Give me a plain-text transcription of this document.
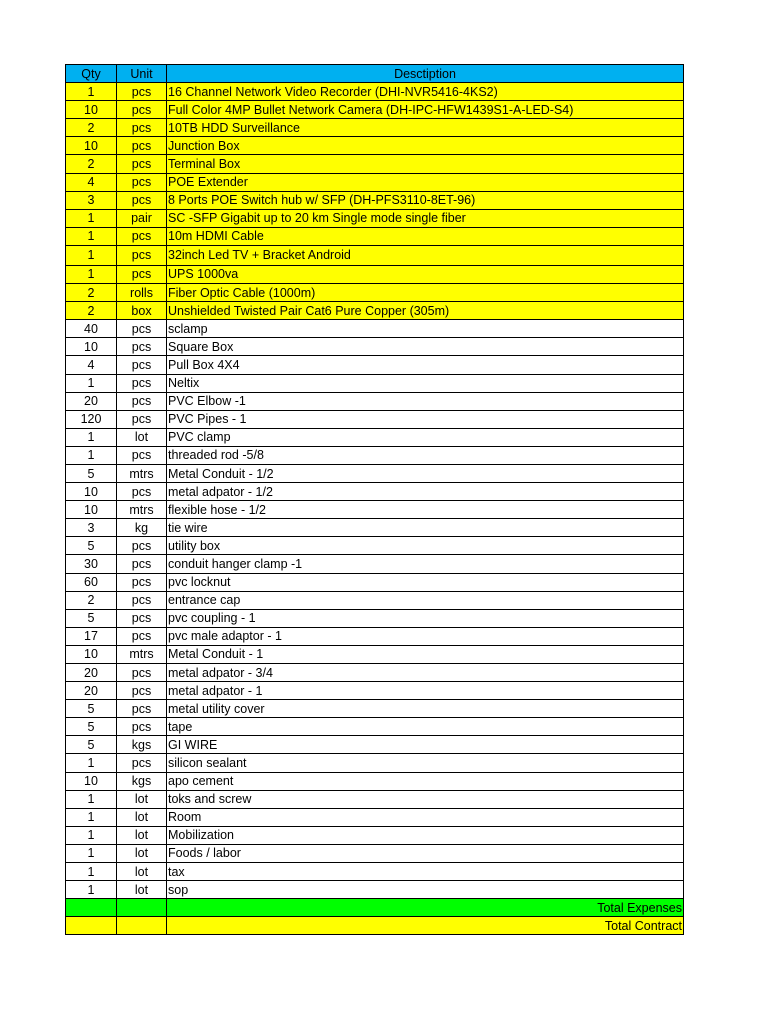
Qty	Unit	Desctiption
1	pcs	16 Channel Network Video Recorder (DHI-NVR5416-4KS2)
10	pcs	Full Color 4MP Bullet Network Camera (DH-IPC-HFW1439S1-A-LED-S4)
2	pcs	10TB HDD Surveillance
10	pcs	Junction Box
2	pcs	Terminal Box
4	pcs	POE Extender
3	pcs	8 Ports POE Switch hub w/ SFP (DH-PFS3110-8ET-96)
1	pair	SC -SFP Gigabit up to 20 km Single mode single fiber
1	pcs	10m HDMI Cable
1	pcs	32inch Led TV + Bracket Android
1	pcs	UPS 1000va
2	rolls	Fiber Optic Cable (1000m)
2	box	Unshielded Twisted Pair Cat6 Pure Copper (305m)
40	pcs	sclamp
10	pcs	Square Box
4	pcs	Pull Box 4X4
1	pcs	Neltix
20	pcs	PVC Elbow -1
120	pcs	PVC Pipes - 1
1	lot	PVC clamp
1	pcs	threaded rod -5/8
5	mtrs	Metal Conduit - 1/2
10	pcs	metal adpator - 1/2
10	mtrs	flexible hose - 1/2
3	kg	tie wire
5	pcs	utility box
30	pcs	conduit hanger clamp -1
60	pcs	pvc locknut
2	pcs	entrance cap
5	pcs	pvc coupling - 1
17	pcs	pvc male adaptor - 1
10	mtrs	Metal Conduit - 1
20	pcs	metal adpator - 3/4
20	pcs	metal adpator - 1
5	pcs	metal utility cover
5	pcs	tape
5	kgs	GI WIRE
1	pcs	silicon sealant
10	kgs	apo cement
1	lot	toks and screw
1	lot	Room
1	lot	Mobilization
1	lot	Foods / labor
1	lot	tax
1	lot	sop
		Total Expenses
		Total Contract
